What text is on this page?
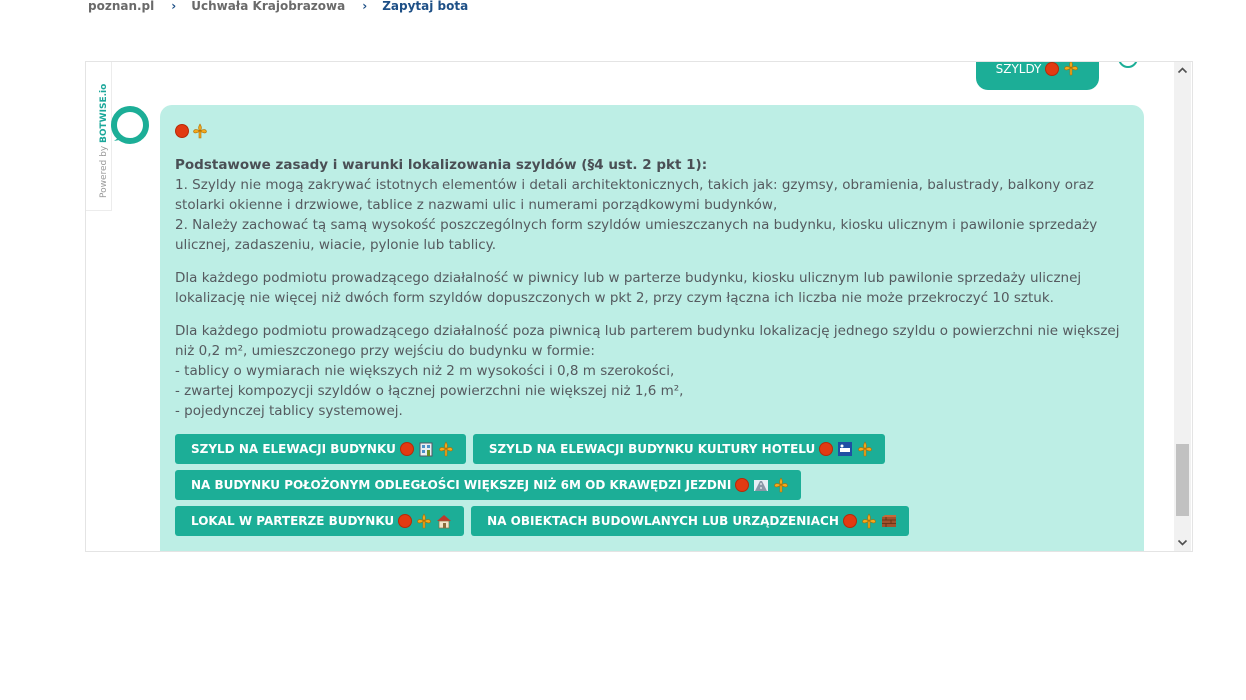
poznan.pl › Uchwała Krajobrazowa › Zapytaj bota
Powered by BOTWISE.io
SZYLDY

Podstawowe zasady i warunki lokalizowania szyldów (§4 ust. 2 pkt 1):
1. Szyldy nie mogą zakrywać istotnych elementów i detali architektonicznych, takich jak: gzymsy, obramienia, balustrady, balkony oraz stolarki okienne i drzwiowe, tablice z nazwami ulic i numerami porządkowymi budynków,
2. Należy zachować tą samą wysokość poszczególnych form szyldów umieszczanych na budynku, kiosku ulicznym i pawilonie sprzedaży ulicznej, zadaszeniu, wiacie, pylonie lub tablicy.

Dla każdego podmiotu prowadzącego działalność w piwnicy lub w parterze budynku, kiosku ulicznym lub pawilonie sprzedaży ulicznej lokalizację nie więcej niż dwóch form szyldów dopuszczonych w pkt 2, przy czym łączna ich liczba nie może przekroczyć 10 sztuk.

Dla każdego podmiotu prowadzącego działalność poza piwnicą lub parterem budynku lokalizację jednego szyldu o powierzchni nie większej niż 0,2 m², umieszczonego przy wejściu do budynku w formie:
- tablicy o wymiarach nie większych niż 2 m wysokości i 0,8 m szerokości,
- zwartej kompozycji szyldów o łącznej powierzchni nie większej niż 1,6 m²,
- pojedynczej tablicy systemowej.

SZYLD NA ELEWACJI BUDYNKU	SZYLD NA ELEWACJI BUDYNKU KULTURY HOTELU
NA BUDYNKU POŁOŻONYM ODLEGŁOŚCI WIĘKSZEJ NIŻ 6M OD KRAWĘDZI JEZDNI
LOKAL W PARTERZE BUDYNKU	NA OBIEKTACH BUDOWLANYCH LUB URZĄDZENIACH
